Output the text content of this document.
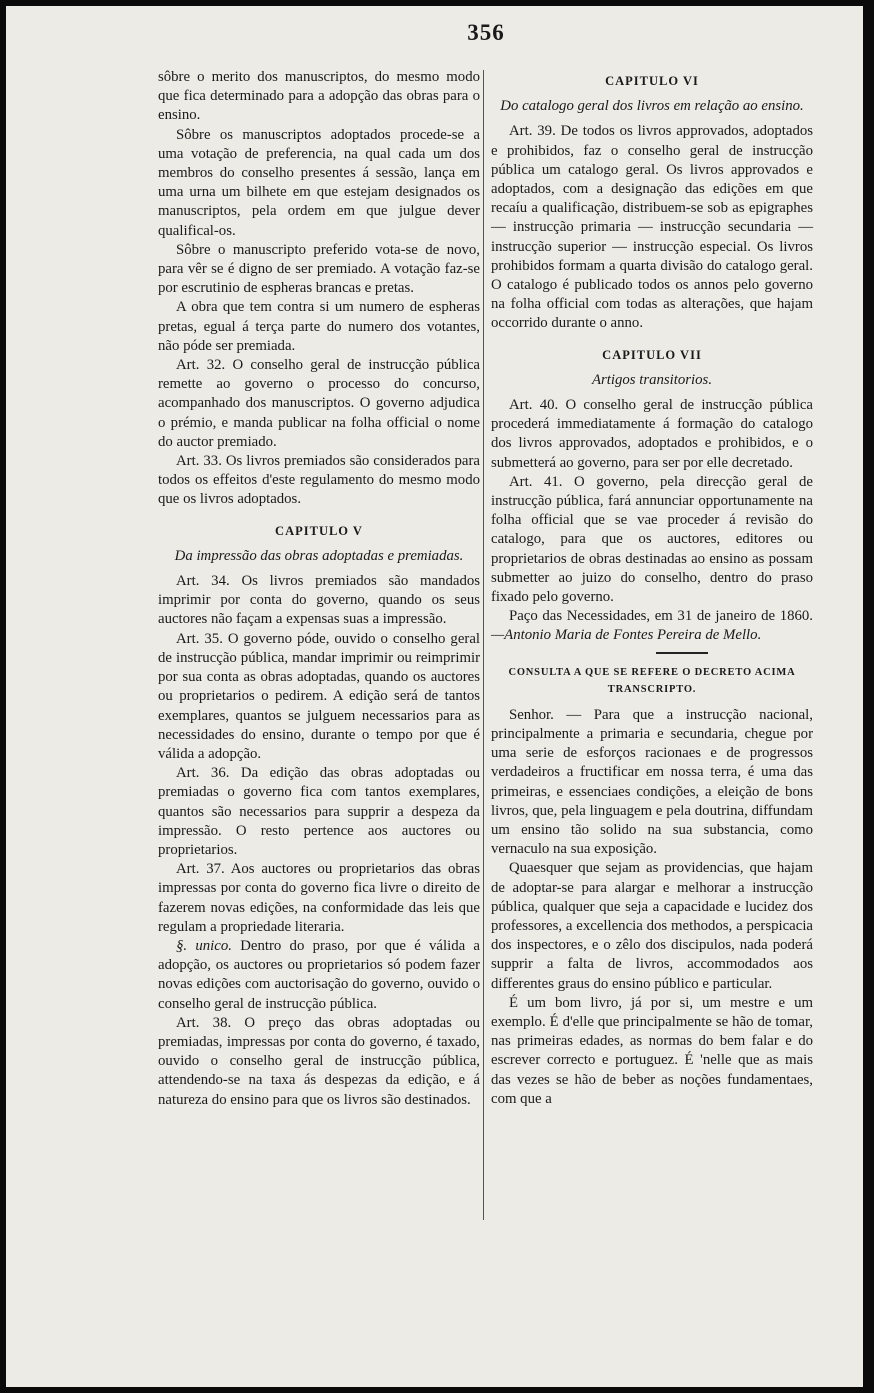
356

sôbre o merito dos manuscriptos, do mesmo modo que fica determinado para a adopção das obras para o ensino.

Sôbre os manuscriptos adoptados procede-se a uma votação de preferencia, na qual cada um dos membros do conselho presentes á sessão, lança em uma urna um bilhete em que estejam designados os manuscriptos, pela ordem em que julgue dever qualifical-os.

Sôbre o manuscripto preferido vota-se de novo, para vêr se é digno de ser premiado. A votação faz-se por escrutinio de espheras brancas e pretas.

A obra que tem contra si um numero de espheras pretas, egual á terça parte do numero dos votantes, não póde ser premiada.

Art. 32. O conselho geral de instrucção pública remette ao governo o processo do concurso, acompanhado dos manuscriptos. O governo adjudica o prémio, e manda publicar na folha official o nome do auctor premiado.

Art. 33. Os livros premiados são considerados para todos os effeitos d'este regulamento do mesmo modo que os livros adoptados.

CAPITULO V
Da impressão das obras adoptadas e premiadas.

Art. 34. Os livros premiados são mandados imprimir por conta do governo, quando os seus auctores não façam a expensas suas a impressão.

Art. 35. O governo póde, ouvido o conselho geral de instrucção pública, mandar imprimir ou reimprimir por sua conta as obras adoptadas, quando os auctores ou proprietarios o pedirem. A edição será de tantos exemplares, quantos se julguem necessarios para as necessidades do ensino, durante o tempo por que é válida a adopção.

Art. 36. Da edição das obras adoptadas ou premiadas o governo fica com tantos exemplares, quantos são necessarios para supprir a despeza da impressão. O resto pertence aos auctores ou proprietarios.

Art. 37. Aos auctores ou proprietarios das obras impressas por conta do governo fica livre o direito de fazerem novas edições, na conformidade das leis que regulam a propriedade literaria.

§. unico. Dentro do praso, por que é válida a adopção, os auctores ou proprietarios só podem fazer novas edições com auctorisação do governo, ouvido o conselho geral de instrucção pública.

Art. 38. O preço das obras adoptadas ou premiadas, impressas por conta do governo, é taxado, ouvido o conselho geral de instrucção pública, attendendo-se na taxa ás despezas da edição, e á natureza do ensino para que os livros são destinados.

CAPITULO VI
Do catalogo geral dos livros em relação ao ensino.

Art. 39. De todos os livros approvados, adoptados e prohibidos, faz o conselho geral de instrucção pública um catalogo geral. Os livros approvados e adoptados, com a designação das edições em que recaíu a qualificação, distribuem-se sob as epigraphes — instrucção primaria — instrucção secundaria — instrucção superior — instrucção especial. Os livros prohibidos formam a quarta divisão do catalogo geral. O catalogo é publicado todos os annos pelo governo na folha official com todas as alterações, que hajam occorrido durante o anno.

CAPITULO VII
Artigos transitorios.

Art. 40. O conselho geral de instrucção pública procederá immediatamente á formação do catalogo dos livros approvados, adoptados e prohibidos, e o submetterá ao governo, para ser por elle decretado.

Art. 41. O governo, pela direcção geral de instrucção pública, fará annunciar opportunamente na folha official que se vae proceder á revisão do catalogo, para que os auctores, editores ou proprietarios de obras destinadas ao ensino as possam submetter ao juizo do conselho, dentro do praso fixado pelo governo.

Paço das Necessidades, em 31 de janeiro de 1860.—Antonio Maria de Fontes Pereira de Mello.

CONSULTA A QUE SE REFERE O DECRETO ACIMA TRANSCRIPTO.

Senhor. — Para que a instrucção nacional, principalmente a primaria e secundaria, chegue por uma serie de esforços racionaes e de progressos verdadeiros a fructificar em nossa terra, é uma das primeiras, e essenciaes condições, a eleição de bons livros, que, pela linguagem e pela doutrina, diffundam um ensino tão solido na sua substancia, como vernaculo na sua exposição.

Quaesquer que sejam as providencias, que hajam de adoptar-se para alargar e melhorar a instrucção pública, qualquer que seja a capacidade e lucidez dos professores, a excellencia dos methodos, a perspicacia dos inspectores, e o zêlo dos discipulos, nada poderá supprir a falta de livros, accommodados aos differentes graus do ensino público e particular.

É um bom livro, já por si, um mestre e um exemplo. É d'elle que principalmente se hão de tomar, nas primeiras edades, as normas do bem falar e do escrever correcto e portuguez. É 'nelle que as mais das vezes se hão de beber as noções fundamentaes, com que a
